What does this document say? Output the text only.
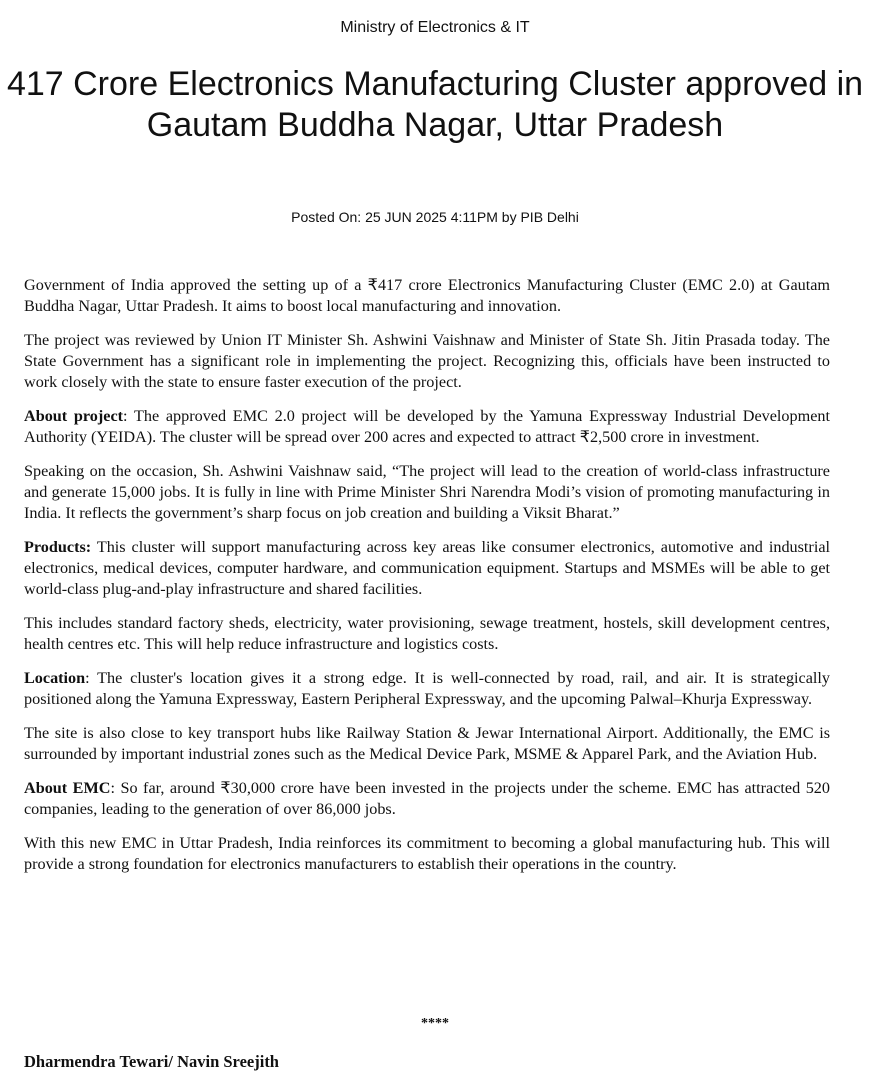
Ministry of Electronics & IT
417 Crore Electronics Manufacturing Cluster approved in Gautam Buddha Nagar, Uttar Pradesh
Posted On: 25 JUN 2025 4:11PM by PIB Delhi

Government of India approved the setting up of a ₹417 crore Electronics Manufacturing Cluster (EMC 2.0) at Gautam Buddha Nagar, Uttar Pradesh. It aims to boost local manufacturing and innovation.

The project was reviewed by Union IT Minister Sh. Ashwini Vaishnaw and Minister of State Sh. Jitin Prasada today. The State Government has a significant role in implementing the project. Recognizing this, officials have been instructed to work closely with the state to ensure faster execution of the project.

About project: The approved EMC 2.0 project will be developed by the Yamuna Expressway Industrial Development Authority (YEIDA). The cluster will be spread over 200 acres and expected to attract ₹2,500 crore in investment.

Speaking on the occasion, Sh. Ashwini Vaishnaw said, “The project will lead to the creation of world-class infrastructure and generate 15,000 jobs. It is fully in line with Prime Minister Shri Narendra Modi’s vision of promoting manufacturing in India. It reflects the government’s sharp focus on job creation and building a Viksit Bharat.”

Products: This cluster will support manufacturing across key areas like consumer electronics, automotive and industrial electronics, medical devices, computer hardware, and communication equipment. Startups and MSMEs will be able to get world-class plug-and-play infrastructure and shared facilities.

This includes standard factory sheds, electricity, water provisioning, sewage treatment, hostels, skill development centres, health centres etc. This will help reduce infrastructure and logistics costs.

Location: The cluster's location gives it a strong edge. It is well-connected by road, rail, and air. It is strategically positioned along the Yamuna Expressway, Eastern Peripheral Expressway, and the upcoming Palwal–Khurja Expressway.

The site is also close to key transport hubs like Railway Station & Jewar International Airport. Additionally, the EMC is surrounded by important industrial zones such as the Medical Device Park, MSME & Apparel Park, and the Aviation Hub.

About EMC: So far, around ₹30,000 crore have been invested in the projects under the scheme. EMC has attracted 520 companies, leading to the generation of over 86,000 jobs.

With this new EMC in Uttar Pradesh, India reinforces its commitment to becoming a global manufacturing hub. This will provide a strong foundation for electronics manufacturers to establish their operations in the country.

****
Dharmendra Tewari/ Navin Sreejith
